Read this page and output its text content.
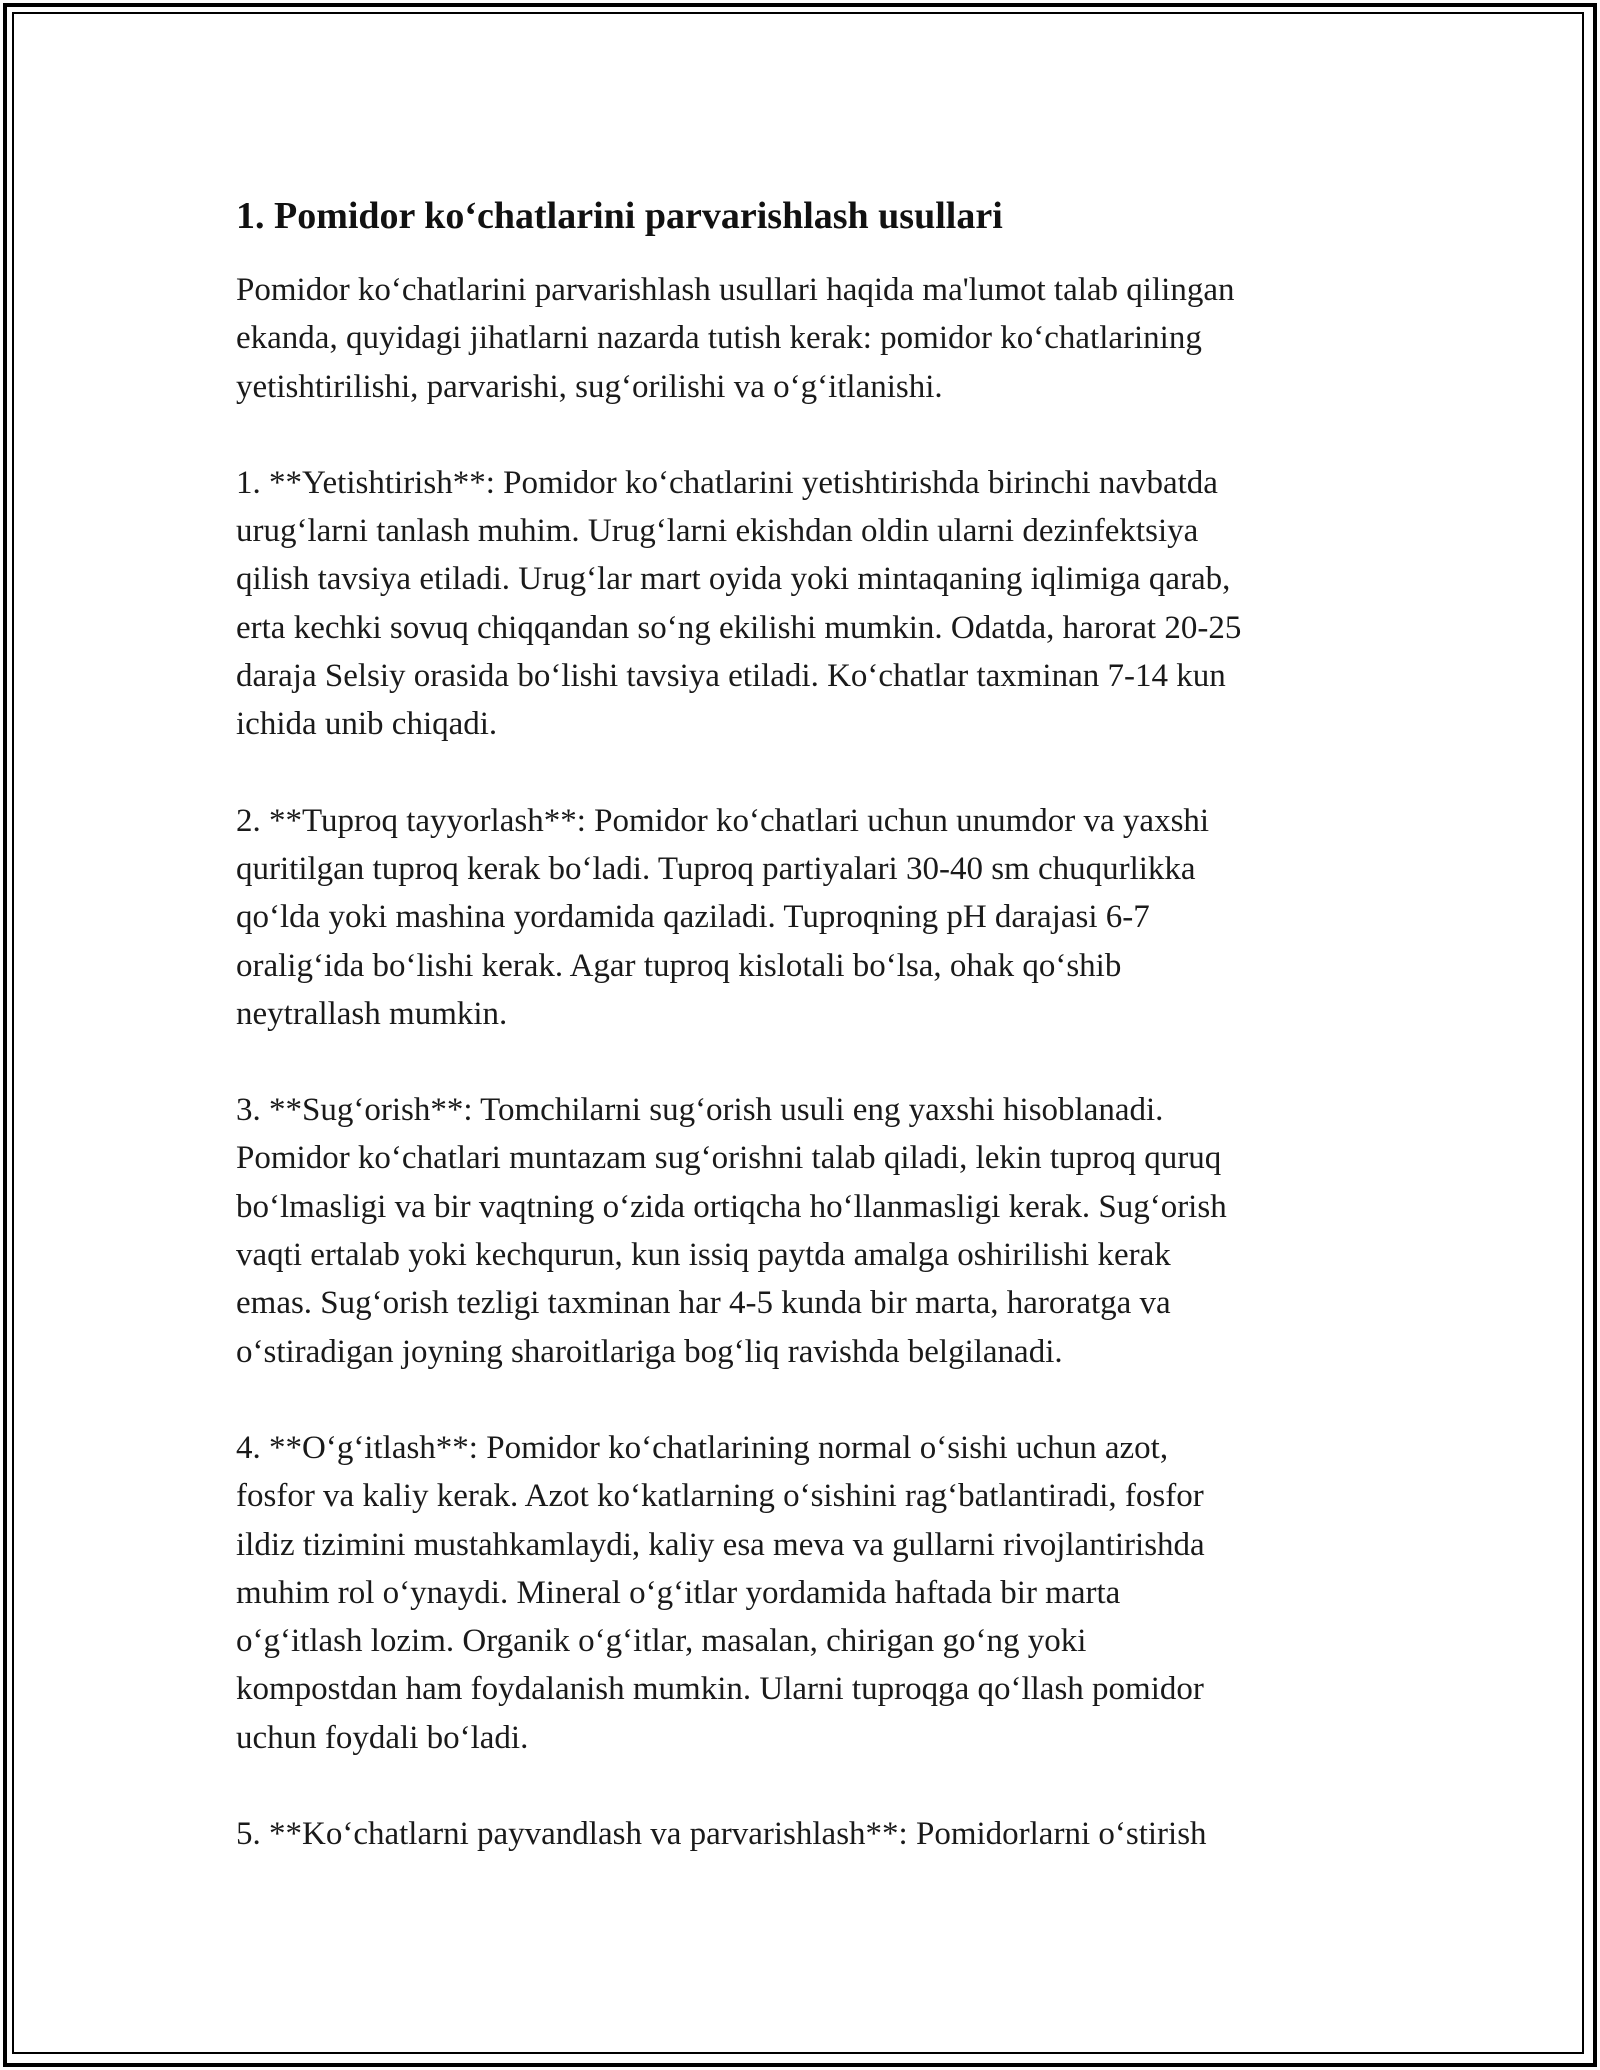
1. Pomidor ko‘chatlarini parvarishlash usullari

Pomidor ko‘chatlarini parvarishlash usullari haqida ma'lumot talab qilingan
ekanda, quyidagi jihatlarni nazarda tutish kerak: pomidor ko‘chatlarining
yetishtirilishi, parvarishi, sug‘orilishi va o‘g‘itlanishi.

1. **Yetishtirish**: Pomidor ko‘chatlarini yetishtirishda birinchi navbatda
urug‘larni tanlash muhim. Urug‘larni ekishdan oldin ularni dezinfektsiya
qilish tavsiya etiladi. Urug‘lar mart oyida yoki mintaqaning iqlimiga qarab,
erta kechki sovuq chiqqandan so‘ng ekilishi mumkin. Odatda, harorat 20-25
daraja Selsiy orasida bo‘lishi tavsiya etiladi. Ko‘chatlar taxminan 7-14 kun
ichida unib chiqadi.

2. **Tuproq tayyorlash**: Pomidor ko‘chatlari uchun unumdor va yaxshi
quritilgan tuproq kerak bo‘ladi. Tuproq partiyalari 30-40 sm chuqurlikka
qo‘lda yoki mashina yordamida qaziladi. Tuproqning pH darajasi 6-7
oralig‘ida bo‘lishi kerak. Agar tuproq kislotali bo‘lsa, ohak qo‘shib
neytrallash mumkin.

3. **Sug‘orish**: Tomchilarni sug‘orish usuli eng yaxshi hisoblanadi.
Pomidor ko‘chatlari muntazam sug‘orishni talab qiladi, lekin tuproq quruq
bo‘lmasligi va bir vaqtning o‘zida ortiqcha ho‘llanmasligi kerak. Sug‘orish
vaqti ertalab yoki kechqurun, kun issiq paytda amalga oshirilishi kerak
emas. Sug‘orish tezligi taxminan har 4-5 kunda bir marta, haroratga va
o‘stiradigan joyning sharoitlariga bog‘liq ravishda belgilanadi.

4. **O‘g‘itlash**: Pomidor ko‘chatlarining normal o‘sishi uchun azot,
fosfor va kaliy kerak. Azot ko‘katlarning o‘sishini rag‘batlantiradi, fosfor
ildiz tizimini mustahkamlaydi, kaliy esa meva va gullarni rivojlantirishda
muhim rol o‘ynaydi. Mineral o‘g‘itlar yordamida haftada bir marta
o‘g‘itlash lozim. Organik o‘g‘itlar, masalan, chirigan go‘ng yoki
kompostdan ham foydalanish mumkin. Ularni tuproqga qo‘llash pomidor
uchun foydali bo‘ladi.

5. **Ko‘chatlarni payvandlash va parvarishlash**: Pomidorlarni o‘stirish
